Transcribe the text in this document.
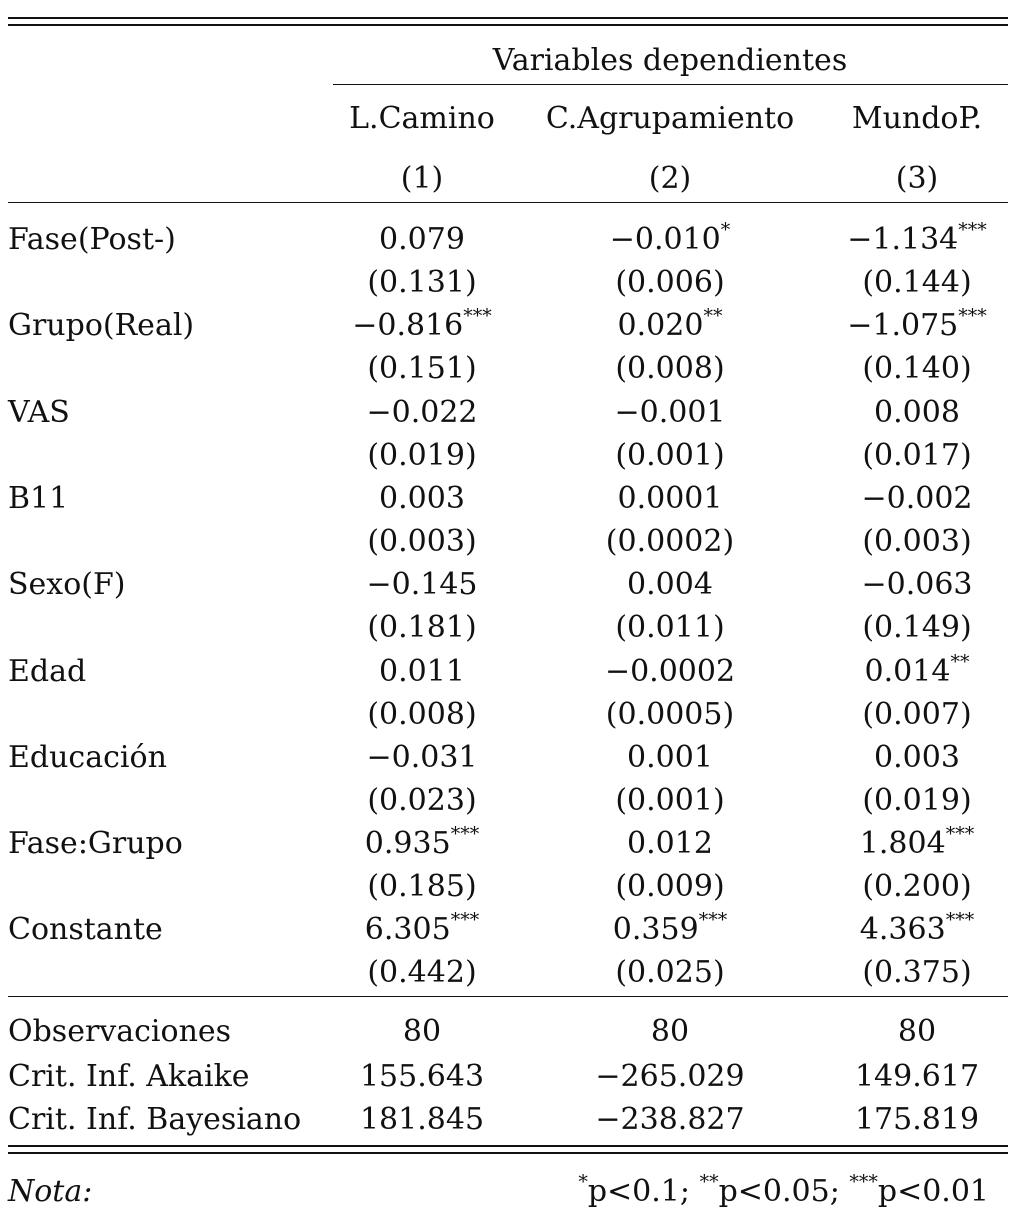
Variables dependientes
L.Camino C.Agrupamiento MundoP.
(1)	(2)	(3)
Fase(Post-)	0.079	−0.010*	−1.134***
(0.131)	(0.006)	(0.144)
Grupo(Real)	−0.816***	0.020**	−1.075***
(0.151)	(0.008)	(0.140)
VAS	−0.022	−0.001	0.008
(0.019)	(0.001)	(0.017)
B11	0.003	0.0001	−0.002
(0.003)	(0.0002)	(0.003)
Sexo(F)	−0.145	0.004	−0.063
(0.181)	(0.011)	(0.149)
Edad	0.011	−0.0002	0.014**
(0.008)	(0.0005)	(0.007)
Educación	−0.031	0.001	0.003
(0.023)	(0.001)	(0.019)
Fase:Grupo	0.935***	0.012	1.804***
(0.185)	(0.009)	(0.200)
Constante	6.305***	0.359***	4.363***
(0.442)	(0.025)	(0.375)
Observaciones	80	80	80
Crit. Inf. Akaike	155.643	−265.029	149.617
Crit. Inf. Bayesiano 181.845	−238.827	175.819
Nota:	*p<0.1; **p<0.05; ***p<0.01
